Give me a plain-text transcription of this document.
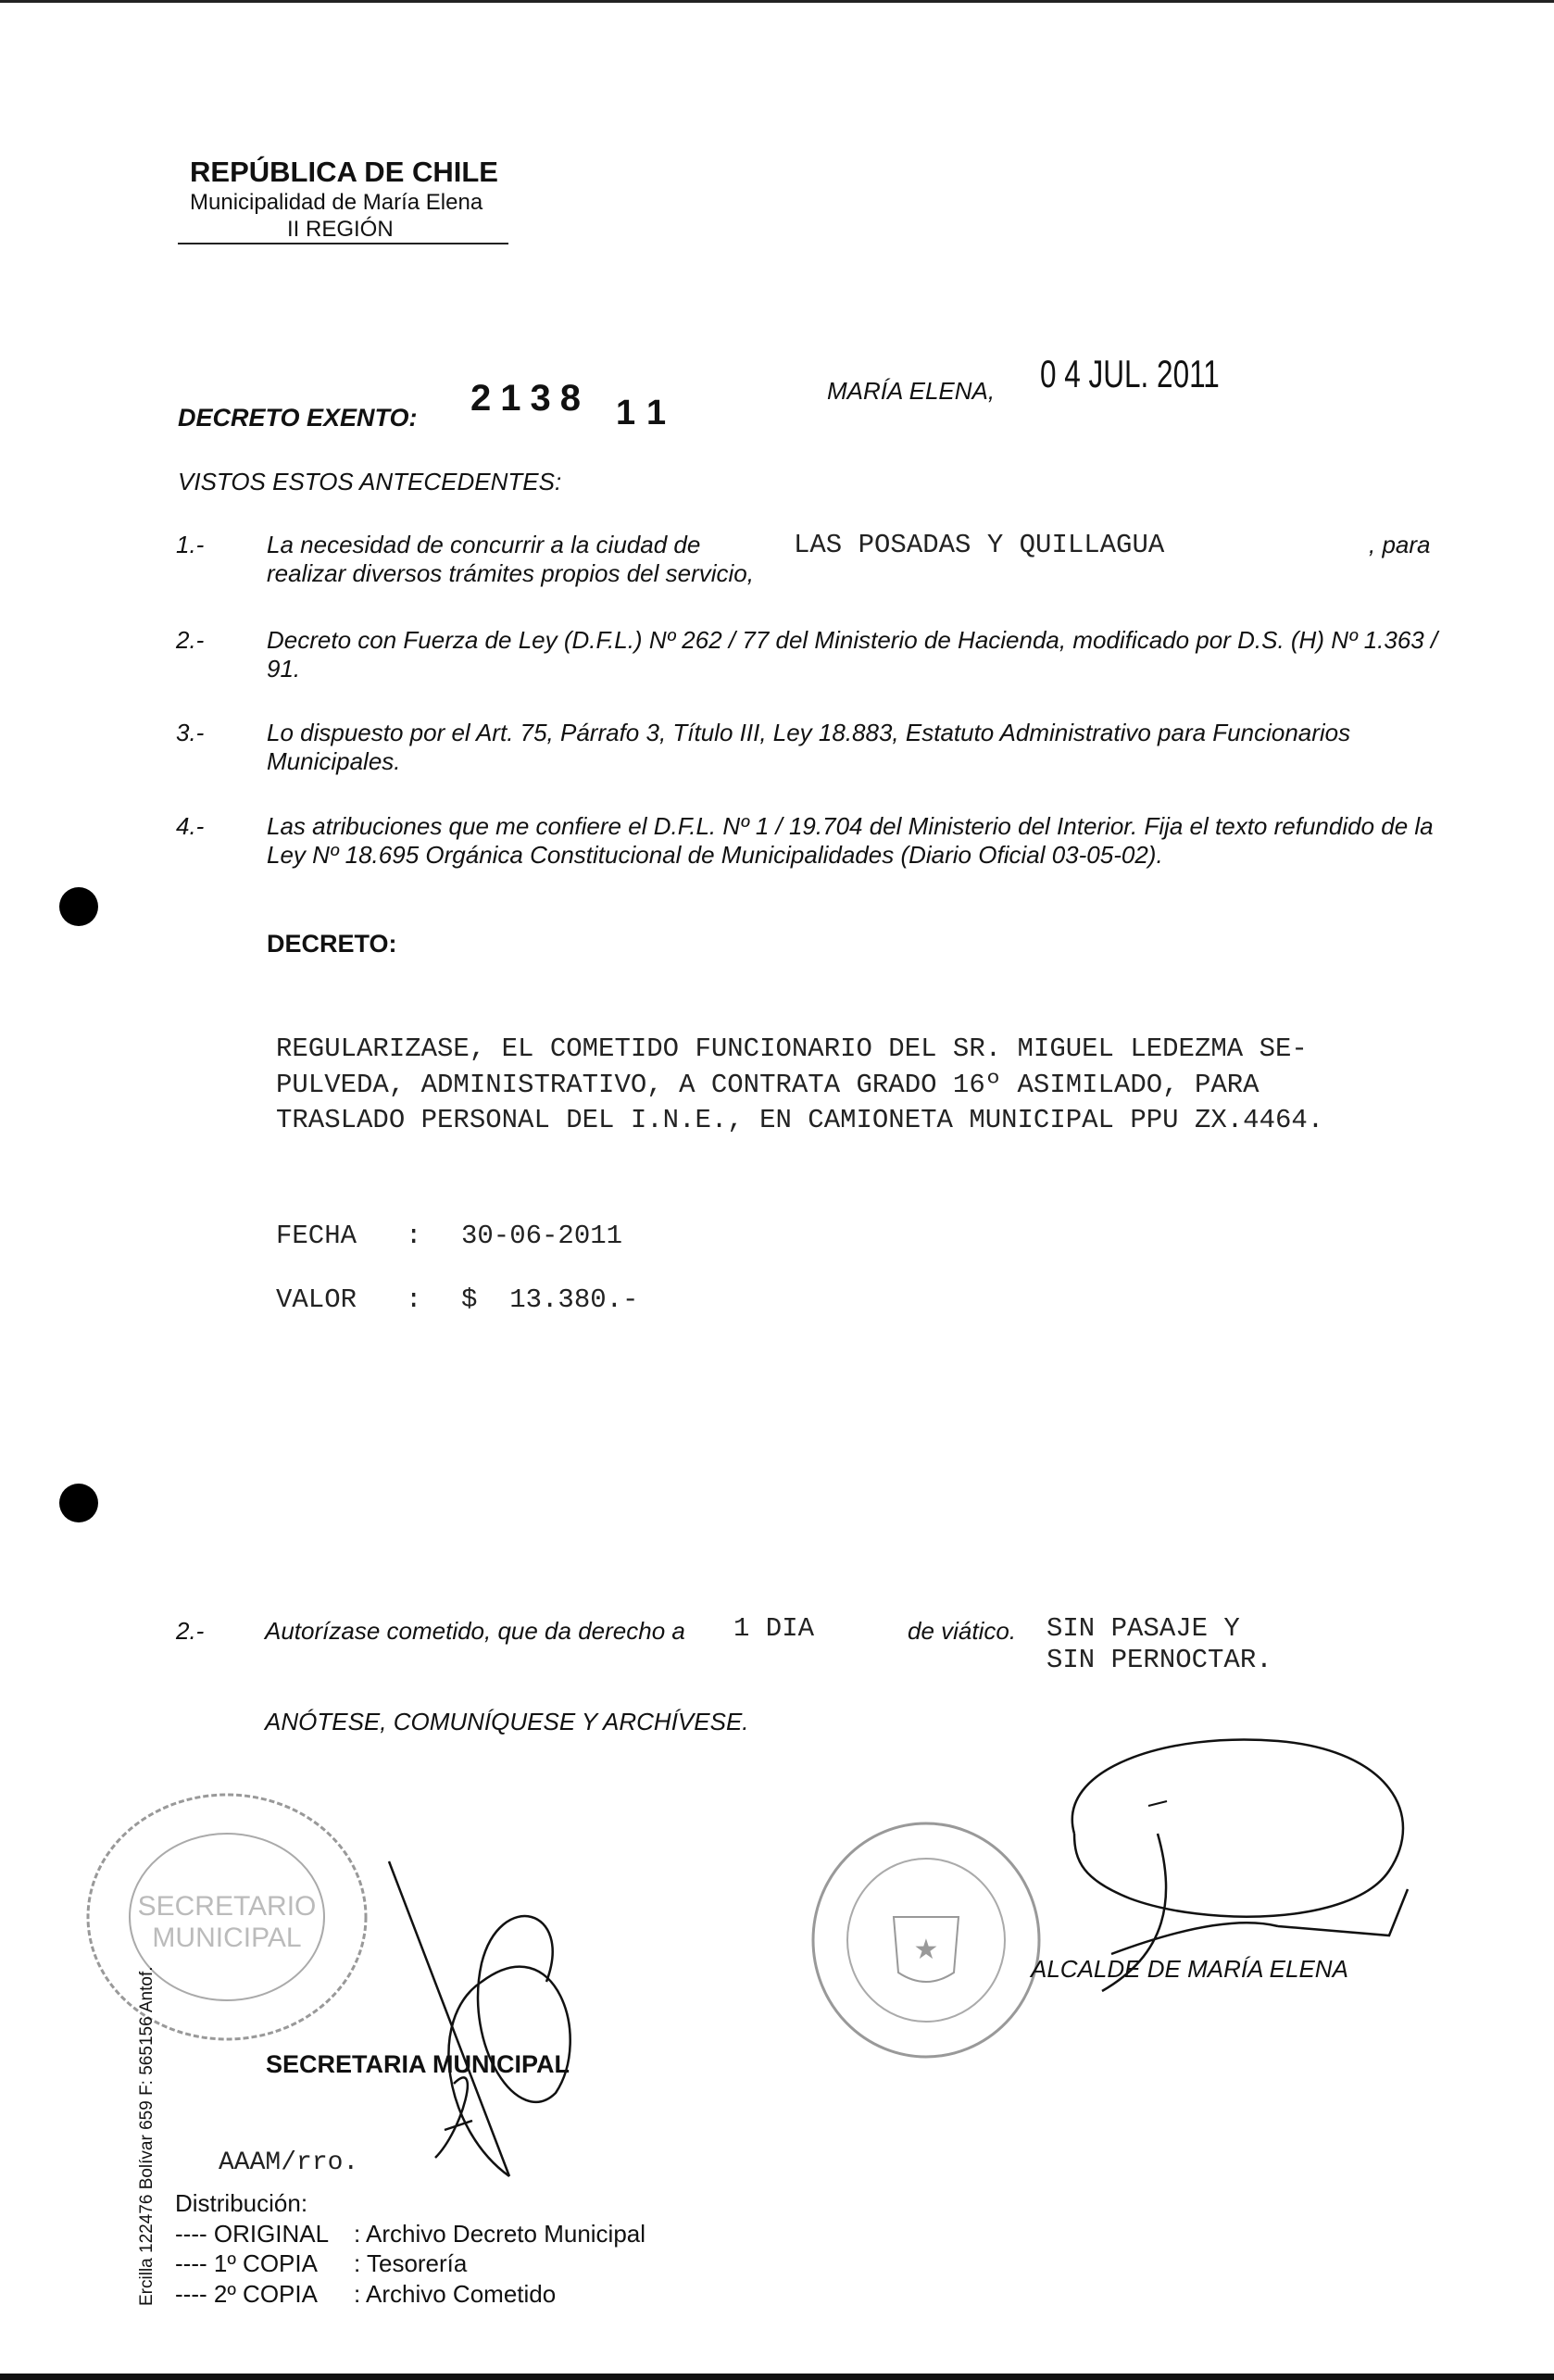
REPÚBLICA DE CHILE
Municipalidad de María Elena
II REGIÓN
DECRETO EXENTO: 2138 11
MARÍA ELENA, 0 4 JUL. 2011
VISTOS ESTOS ANTECEDENTES:
1.-	La necesidad de concurrir a la ciudad de	LAS POSADAS Y QUILLAGUA	, para

realizar diversos trámites propios del servicio,
2.-	Decreto con Fuerza de Ley (D.F.L.) Nº 262 / 77 del Ministerio de Hacienda, modificado por D.S. (H) Nº 1.363 / 91.
3.-	Lo dispuesto por el Art. 75, Párrafo 3, Título III, Ley 18.883, Estatuto Administrativo para Funcionarios Municipales.
4.-	Las atribuciones que me confiere el D.F.L. Nº 1 / 19.704 del Ministerio del Interior. Fija el texto refundido de la Ley Nº 18.695 Orgánica Constitucional de Municipalidades (Diario Oficial 03-05-02).
DECRETO:
REGULARIZASE, EL COMETIDO FUNCIONARIO DEL SR. MIGUEL LEDEZMA SE-
PULVEDA, ADMINISTRATIVO, A CONTRATA GRADO 16º ASIMILADO, PARA
TRASLADO PERSONAL DEL I.N.E., EN CAMIONETA MUNICIPAL PPU ZX.4464.
FECHA : 30-06-2011
VALOR : $  13.380.-
2.-	Autorízase cometido, que da derecho a 1 DIA	de viático. SIN PASAJE Y
SIN PERNOCTAR.
ANÓTESE, COMUNÍQUESE Y ARCHÍVESE.
SECRETARIO
MUNICIPAL	★
SECRETARIA MUNICIPAL
ALCALDE DE MARÍA ELENA
AAAM/rro.
Distribución:
---- ORIGINAL : Archivo Decreto Municipal
---- 1º COPIA : Tesorería
---- 2º COPIA : Archivo Cometido
Ercilla 122476 Bolívar 659 F: 565156 Antof.
